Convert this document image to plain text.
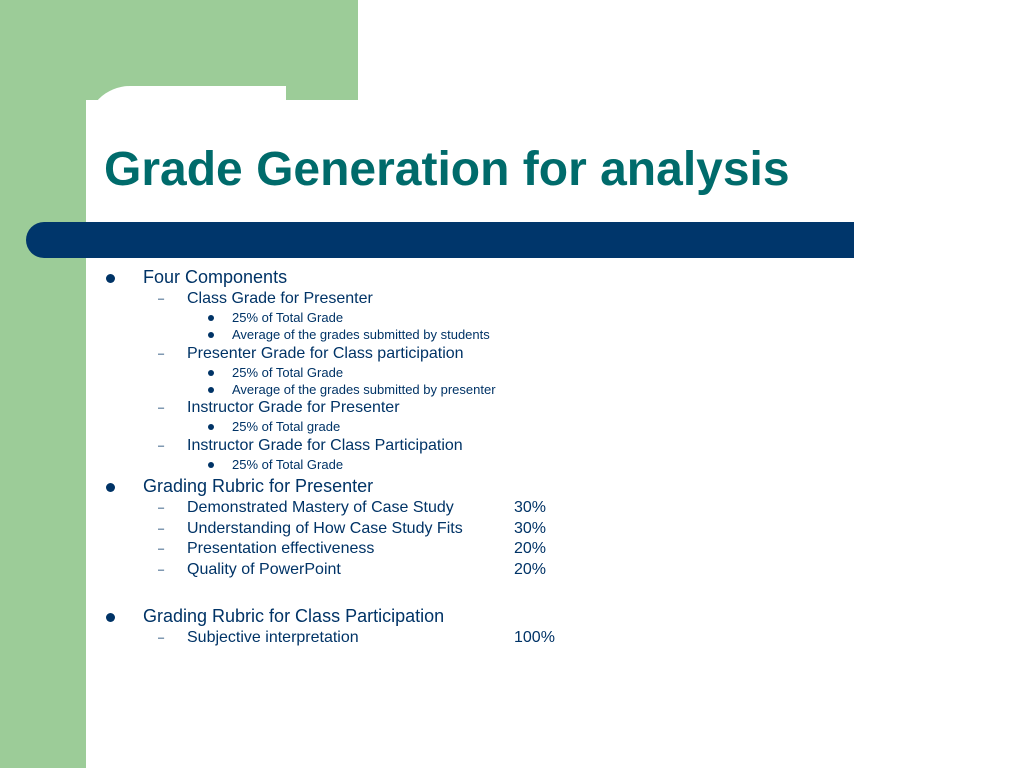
Grade Generation for analysis
Four Components
– Class Grade for Presenter
25% of Total Grade
Average of the grades submitted by students
– Presenter Grade for Class participation
25% of Total Grade
Average of the grades submitted by presenter
– Instructor Grade for Presenter
25% of Total grade
– Instructor Grade for Class Participation
25% of Total Grade
Grading Rubric for Presenter
– Demonstrated Mastery of Case Study	30%
– Understanding of How Case Study Fits	30%
– Presentation effectiveness	20%
– Quality of PowerPoint	20%
Grading Rubric for Class Participation
– Subjective interpretation	100%
